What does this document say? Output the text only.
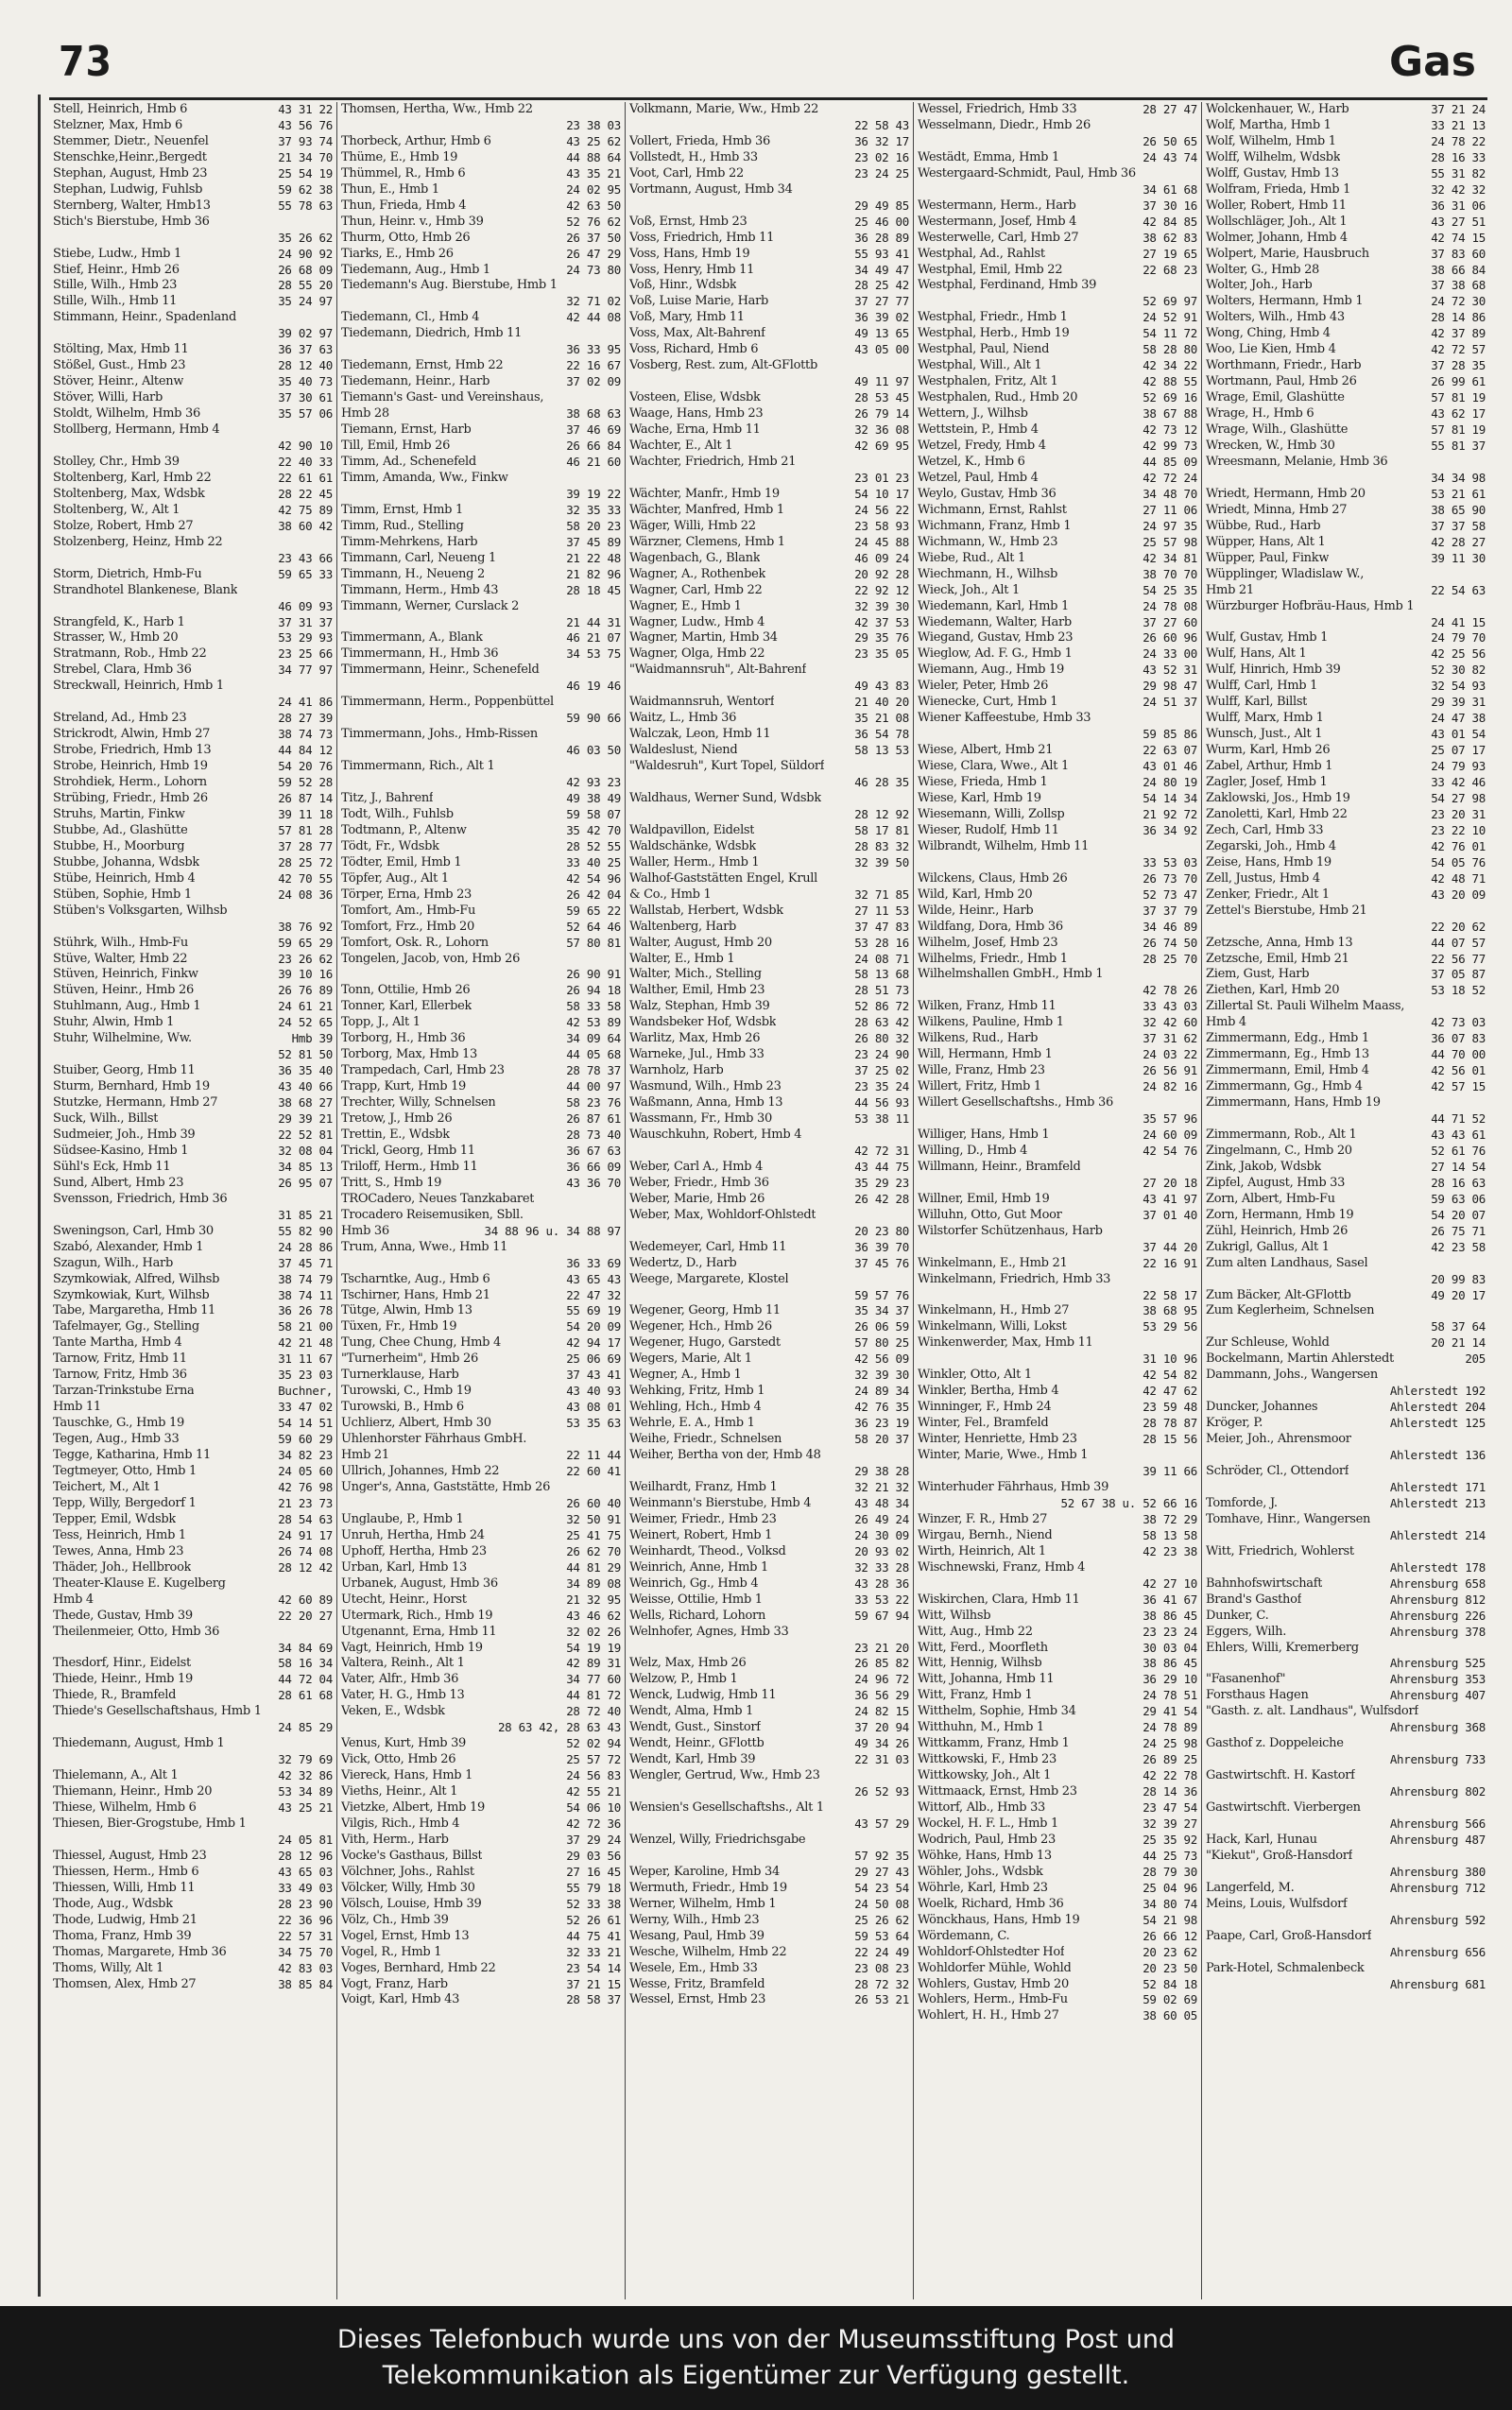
73	Gas
Stell, Heinrich, Hmb 6	43 31 22
Stelzner, Max, Hmb 6	43 56 76
Stemmer, Dietr., Neuenfel	37 93 74
Stenschke,Heinr.,Bergedt	21 34 70
Stephan, August, Hmb 23	25 54 19
Stephan, Ludwig, Fuhlsb	59 62 38
Sternberg, Walter, Hmb13	55 78 63
Stich's Bierstube, Hmb 36
35 26 62
Stiebe, Ludw., Hmb 1	24 90 92
Stief, Heinr., Hmb 26	26 68 09
Stille, Wilh., Hmb 23	28 55 20
Stille, Wilh., Hmb 11	35 24 97
Stimmann, Heinr., Spadenland
39 02 97
Stölting, Max, Hmb 11	36 37 63
Stößel, Gust., Hmb 23	28 12 40
Stöver, Heinr., Altenw	35 40 73
Stöver, Willi, Harb	37 30 61
Stoldt, Wilhelm, Hmb 36	35 57 06
Stollberg, Hermann, Hmb 4
42 90 10
Stolley, Chr., Hmb 39	22 40 33
Stoltenberg, Karl, Hmb 22	22 61 61
Stoltenberg, Max, Wdsbk	28 22 45
Stoltenberg, W., Alt 1	42 75 89
Stolze, Robert, Hmb 27	38 60 42
Stolzenberg, Heinz, Hmb 22
23 43 66
Storm, Dietrich, Hmb-Fu	59 65 33
Strandhotel Blankenese, Blank
46 09 93
Strangfeld, K., Harb 1	37 31 37
Strasser, W., Hmb 20	53 29 93
Stratmann, Rob., Hmb 22	23 25 66
Strebel, Clara, Hmb 36	34 77 97
Streckwall, Heinrich, Hmb 1
24 41 86
Streland, Ad., Hmb 23	28 27 39
Strickrodt, Alwin, Hmb 27	38 74 73
Strobe, Friedrich, Hmb 13	44 84 12
Strobe, Heinrich, Hmb 19	54 20 76
Strohdiek, Herm., Lohorn	59 52 28
Strübing, Friedr., Hmb 26	26 87 14
Struhs, Martin, Finkw	39 11 18
Stubbe, Ad., Glashütte	57 81 28
Stubbe, H., Moorburg	37 28 77
Stubbe, Johanna, Wdsbk	28 25 72
Stübe, Heinrich, Hmb 4	42 70 55
Stüben, Sophie, Hmb 1	24 08 36
Stüben's Volksgarten, Wilhsb
38 76 92
Stührk, Wilh., Hmb-Fu	59 65 29
Stüve, Walter, Hmb 22	23 26 62
Stüven, Heinrich, Finkw	39 10 16
Stüven, Heinr., Hmb 26	26 76 89
Stuhlmann, Aug., Hmb 1	24 61 21
Stuhr, Alwin, Hmb 1	24 52 65
Stuhr, Wilhelmine, Ww.	Hmb 39
52 81 50
Stuiber, Georg, Hmb 11	36 35 40
Sturm, Bernhard, Hmb 19	43 40 66
Stutzke, Hermann, Hmb 27	38 68 27
Suck, Wilh., Billst	29 39 21
Sudmeier, Joh., Hmb 39	22 52 81
Südsee-Kasino, Hmb 1	32 08 04
Sühl's Eck, Hmb 11	34 85 13
Sund, Albert, Hmb 23	26 95 07
Svensson, Friedrich, Hmb 36
31 85 21
Sweningson, Carl, Hmb 30	55 82 90
Szabó, Alexander, Hmb 1	24 28 86
Szagun, Wilh., Harb	37 45 71
Szymkowiak, Alfred, Wilhsb	38 74 79
Szymkowiak, Kurt, Wilhsb	38 74 11
Tabe, Margaretha, Hmb 11	36 26 78
Tafelmayer, Gg., Stelling	58 21 00
Tante Martha, Hmb 4	42 21 48
Tarnow, Fritz, Hmb 11	31 11 67
Tarnow, Fritz, Hmb 36	35 23 03
Tarzan-Trinkstube Erna	Buchner,
Hmb 11	33 47 02
Tauschke, G., Hmb 19	54 14 51
Tegen, Aug., Hmb 33	59 60 29
Tegge, Katharina, Hmb 11	34 82 23
Tegtmeyer, Otto, Hmb 1	24 05 60
Teichert, M., Alt 1	42 76 98
Tepp, Willy, Bergedorf 1	21 23 73
Tepper, Emil, Wdsbk	28 54 63
Tess, Heinrich, Hmb 1	24 91 17
Tewes, Anna, Hmb 23	26 74 08
Thäder, Joh., Hellbrook	28 12 42
Theater-Klause E. Kugelberg
Hmb 4	42 60 89
Thede, Gustav, Hmb 39	22 20 27
Theilenmeier, Otto, Hmb 36
34 84 69
Thesdorf, Hinr., Eidelst	58 16 34
Thiede, Heinr., Hmb 19	44 72 04
Thiede, R., Bramfeld	28 61 68
Thiede's Gesellschaftshaus, Hmb 1
24 85 29
Thiedemann, August, Hmb 1
32 79 69
Thielemann, A., Alt 1	42 32 86
Thiemann, Heinr., Hmb 20	53 34 89
Thiese, Wilhelm, Hmb 6	43 25 21
Thiesen, Bier-Grogstube, Hmb 1
24 05 81
Thiessel, August, Hmb 23	28 12 96
Thiessen, Herm., Hmb 6	43 65 03
Thiessen, Willi, Hmb 11	33 49 03
Thode, Aug., Wdsbk	28 23 90
Thode, Ludwig, Hmb 21	22 36 96
Thoma, Franz, Hmb 39	22 57 31
Thomas, Margarete, Hmb 36	34 75 70
Thoms, Willy, Alt 1	42 83 03
Thomsen, Alex, Hmb 27	38 85 84
Thomsen, Hertha, Ww., Hmb 22
23 38 03
Thorbeck, Arthur, Hmb 6	43 25 62
Thüme, E., Hmb 19	44 88 64
Thümmel, R., Hmb 6	43 35 21
Thun, E., Hmb 1	24 02 95
Thun, Frieda, Hmb 4	42 63 50
Thun, Heinr. v., Hmb 39	52 76 62
Thurm, Otto, Hmb 26	26 37 50
Tiarks, E., Hmb 26	26 47 29
Tiedemann, Aug., Hmb 1	24 73 80
Tiedemann's Aug. Bierstube, Hmb 1
32 71 02
Tiedemann, Cl., Hmb 4	42 44 08
Tiedemann, Diedrich, Hmb 11
36 33 95
Tiedemann, Ernst, Hmb 22	22 16 67
Tiedemann, Heinr., Harb	37 02 09
Tiemann's Gast- und Vereinshaus,
Hmb 28	38 68 63
Tiemann, Ernst, Harb	37 46 69
Till, Emil, Hmb 26	26 66 84
Timm, Ad., Schenefeld	46 21 60
Timm, Amanda, Ww., Finkw
39 19 22
Timm, Ernst, Hmb 1	32 35 33
Timm, Rud., Stelling	58 20 23
Timm-Mehrkens, Harb	37 45 89
Timmann, Carl, Neueng 1	21 22 48
Timmann, H., Neueng 2	21 82 96
Timmann, Herm., Hmb 43	28 18 45
Timmann, Werner, Curslack 2
21 44 31
Timmermann, A., Blank	46 21 07
Timmermann, H., Hmb 36	34 53 75
Timmermann, Heinr., Schenefeld
46 19 46
Timmermann, Herm., Poppenbüttel
59 90 66
Timmermann, Johs., Hmb-Rissen
46 03 50
Timmermann, Rich., Alt 1
42 93 23
Titz, J., Bahrenf	49 38 49
Todt, Wilh., Fuhlsb	59 58 07
Todtmann, P., Altenw	35 42 70
Tödt, Fr., Wdsbk	28 52 55
Tödter, Emil, Hmb 1	33 40 25
Töpfer, Aug., Alt 1	42 54 96
Törper, Erna, Hmb 23	26 42 04
Tomfort, Am., Hmb-Fu	59 65 22
Tomfort, Frz., Hmb 20	52 64 46
Tomfort, Osk. R., Lohorn	57 80 81
Tongelen, Jacob, von, Hmb 26
26 90 91
Tonn, Ottilie, Hmb 26	26 94 18
Tonner, Karl, Ellerbek	58 33 58
Topp, J., Alt 1	42 53 89
Torborg, H., Hmb 36	34 09 64
Torborg, Max, Hmb 13	44 05 68
Trampedach, Carl, Hmb 23	28 78 37
Trapp, Kurt, Hmb 19	44 00 97
Trechter, Willy, Schnelsen	58 23 76
Tretow, J., Hmb 26	26 87 61
Trettin, E., Wdsbk	28 73 40
Trickl, Georg, Hmb 11	36 67 63
Triloff, Herm., Hmb 11	36 66 09
Tritt, S., Hmb 19	43 36 70
TROCadero, Neues Tanzkabaret
Trocadero Reisemusiken, Sbll.
Hmb 36	34 88 96 u. 34 88 97
Trum, Anna, Wwe., Hmb 11
36 33 69
Tscharntke, Aug., Hmb 6	43 65 43
Tschirner, Hans, Hmb 21	22 47 32
Tütge, Alwin, Hmb 13	55 69 19
Tüxen, Fr., Hmb 19	54 20 09
Tung, Chee Chung, Hmb 4	42 94 17
"Turnerheim", Hmb 26	25 06 69
Turnerklause, Harb	37 43 41
Turowski, C., Hmb 19	43 40 93
Turowski, B., Hmb 6	43 08 01
Uchlierz, Albert, Hmb 30	53 35 63
Uhlenhorster Fährhaus GmbH.
Hmb 21	22 11 44
Ullrich, Johannes, Hmb 22	22 60 41
Unger's, Anna, Gaststätte, Hmb 26
26 60 40
Unglaube, P., Hmb 1	32 50 91
Unruh, Hertha, Hmb 24	25 41 75
Uphoff, Hertha, Hmb 23	26 62 70
Urban, Karl, Hmb 13	44 81 29
Urbanek, August, Hmb 36	34 89 08
Utecht, Heinr., Horst	21 32 95
Utermark, Rich., Hmb 19	43 46 62
Utgenannt, Erna, Hmb 11	32 02 26
Vagt, Heinrich, Hmb 19	54 19 19
Valtera, Reinh., Alt 1	42 89 31
Vater, Alfr., Hmb 36	34 77 60
Vater, H. G., Hmb 13	44 81 72
Veken, E., Wdsbk	28 72 40
28 63 42, 28 63 43
Venus, Kurt, Hmb 39	52 02 94
Vick, Otto, Hmb 26	25 57 72
Viereck, Hans, Hmb 1	24 56 83
Vieths, Heinr., Alt 1	42 55 21
Vietzke, Albert, Hmb 19	54 06 10
Vilgis, Rich., Hmb 4	42 72 36
Vith, Herm., Harb	37 29 24
Vocke's Gasthaus, Billst	29 03 56
Völchner, Johs., Rahlst	27 16 45
Völcker, Willy, Hmb 30	55 79 18
Völsch, Louise, Hmb 39	52 33 38
Völz, Ch., Hmb 39	52 26 61
Vogel, Ernst, Hmb 13	44 75 41
Vogel, R., Hmb 1	32 33 21
Voges, Bernhard, Hmb 22	23 54 14
Vogt, Franz, Harb	37 21 15
Voigt, Karl, Hmb 43	28 58 37
Volkmann, Marie, Ww., Hmb 22
22 58 43
Vollert, Frieda, Hmb 36	36 32 17
Vollstedt, H., Hmb 33	23 02 16
Voot, Carl, Hmb 22	23 24 25
Vortmann, August, Hmb 34
29 49 85
Voß, Ernst, Hmb 23	25 46 00
Voss, Friedrich, Hmb 11	36 28 89
Voss, Hans, Hmb 19	55 93 41
Voss, Henry, Hmb 11	34 49 47
Voß, Hinr., Wdsbk	28 25 42
Voß, Luise Marie, Harb	37 27 77
Voß, Mary, Hmb 11	36 39 02
Voss, Max, Alt-Bahrenf	49 13 65
Voss, Richard, Hmb 6	43 05 00
Vosberg, Rest. zum, Alt-GFlottb
49 11 97
Vosteen, Elise, Wdsbk	28 53 45
Waage, Hans, Hmb 23	26 79 14
Wache, Erna, Hmb 11	32 36 08
Wachter, E., Alt 1	42 69 95
Wachter, Friedrich, Hmb 21
23 01 23
Wächter, Manfr., Hmb 19	54 10 17
Wächter, Manfred, Hmb 1	24 56 22
Wäger, Willi, Hmb 22	23 58 93
Wärzner, Clemens, Hmb 1	24 45 88
Wagenbach, G., Blank	46 09 24
Wagner, A., Rothenbek	20 92 28
Wagner, Carl, Hmb 22	22 92 12
Wagner, E., Hmb 1	32 39 30
Wagner, Ludw., Hmb 4	42 37 53
Wagner, Martin, Hmb 34	29 35 76
Wagner, Olga, Hmb 22	23 35 05
"Waidmannsruh", Alt-Bahrenf
49 43 83
Waidmannsruh, Wentorf	21 40 20
Waitz, L., Hmb 36	35 21 08
Walczak, Leon, Hmb 11	36 54 78
Waldeslust, Niend	58 13 53
"Waldesruh", Kurt Topel, Süldorf
46 28 35
Waldhaus, Werner Sund, Wdsbk
28 12 92
Waldpavillon, Eidelst	58 17 81
Waldschänke, Wdsbk	28 83 32
Waller, Herm., Hmb 1	32 39 50
Walhof-Gaststätten Engel, Krull
& Co., Hmb 1	32 71 85
Wallstab, Herbert, Wdsbk	27 11 53
Waltenberg, Harb	37 47 83
Walter, August, Hmb 20	53 28 16
Walter, E., Hmb 1	24 08 71
Walter, Mich., Stelling	58 13 68
Walther, Emil, Hmb 23	28 51 73
Walz, Stephan, Hmb 39	52 86 72
Wandsbeker Hof, Wdsbk	28 63 42
Warlitz, Max, Hmb 26	26 80 32
Warneke, Jul., Hmb 33	23 24 90
Warnholz, Harb	37 25 02
Wasmund, Wilh., Hmb 23	23 35 24
Waßmann, Anna, Hmb 13	44 56 93
Wassmann, Fr., Hmb 30	53 38 11
Wauschkuhn, Robert, Hmb 4
42 72 31
Weber, Carl A., Hmb 4	43 44 75
Weber, Friedr., Hmb 36	35 29 23
Weber, Marie, Hmb 26	26 42 28
Weber, Max, Wohldorf-Ohlstedt
20 23 80
Wedemeyer, Carl, Hmb 11	36 39 70
Wedertz, D., Harb	37 45 76
Weege, Margarete, Klostel
59 57 76
Wegener, Georg, Hmb 11	35 34 37
Wegener, Hch., Hmb 26	26 06 59
Wegener, Hugo, Garstedt	57 80 25
Wegers, Marie, Alt 1	42 56 09
Wegner, A., Hmb 1	32 39 30
Wehking, Fritz, Hmb 1	24 89 34
Wehling, Hch., Hmb 4	42 76 35
Wehrle, E. A., Hmb 1	36 23 19
Weihe, Friedr., Schnelsen	58 20 37
Weiher, Bertha von der, Hmb 48
29 38 28
Weilhardt, Franz, Hmb 1	32 21 32
Weinmann's Bierstube, Hmb 4	43 48 34
Weimer, Friedr., Hmb 23	26 49 24
Weinert, Robert, Hmb 1	24 30 09
Weinhardt, Theod., Volksd	20 93 02
Weinrich, Anne, Hmb 1	32 33 28
Weinrich, Gg., Hmb 4	43 28 36
Weisse, Ottilie, Hmb 1	33 53 22
Wells, Richard, Lohorn	59 67 94
Welnhofer, Agnes, Hmb 33
23 21 20
Welz, Max, Hmb 26	26 85 82
Welzow, P., Hmb 1	24 96 72
Wenck, Ludwig, Hmb 11	36 56 29
Wendt, Alma, Hmb 1	24 82 15
Wendt, Gust., Sinstorf	37 20 94
Wendt, Heinr., GFlottb	49 34 26
Wendt, Karl, Hmb 39	22 31 03
Wengler, Gertrud, Ww., Hmb 23
26 52 93
Wensien's Gesellschaftshs., Alt 1
43 57 29
Wenzel, Willy, Friedrichsgabe
57 92 35
Weper, Karoline, Hmb 34	29 27 43
Wermuth, Friedr., Hmb 19	54 23 54
Werner, Wilhelm, Hmb 1	24 50 08
Werny, Wilh., Hmb 23	25 26 62
Wesang, Paul, Hmb 39	59 53 64
Wesche, Wilhelm, Hmb 22	22 24 49
Wesele, Em., Hmb 33	23 08 23
Wesse, Fritz, Bramfeld	28 72 32
Wessel, Ernst, Hmb 23	26 53 21
Wessel, Friedrich, Hmb 33	28 27 47
Wesselmann, Diedr., Hmb 26
26 50 65
Westädt, Emma, Hmb 1	24 43 74
Westergaard-Schmidt, Paul, Hmb 36
34 61 68
Westermann, Herm., Harb	37 30 16
Westermann, Josef, Hmb 4	42 84 85
Westerwelle, Carl, Hmb 27	38 62 83
Westphal, Ad., Rahlst	27 19 65
Westphal, Emil, Hmb 22	22 68 23
Westphal, Ferdinand, Hmb 39
52 69 97
Westphal, Friedr., Hmb 1	24 52 91
Westphal, Herb., Hmb 19	54 11 72
Westphal, Paul, Niend	58 28 80
Westphal, Will., Alt 1	42 34 22
Westphalen, Fritz, Alt 1	42 88 55
Westphalen, Rud., Hmb 20	52 69 16
Wettern, J., Wilhsb	38 67 88
Wettstein, P., Hmb 4	42 73 12
Wetzel, Fredy, Hmb 4	42 99 73
Wetzel, K., Hmb 6	44 85 09
Wetzel, Paul, Hmb 4	42 72 24
Weylo, Gustav, Hmb 36	34 48 70
Wichmann, Ernst, Rahlst	27 11 06
Wichmann, Franz, Hmb 1	24 97 35
Wichmann, W., Hmb 23	25 57 98
Wiebe, Rud., Alt 1	42 34 81
Wiechmann, H., Wilhsb	38 70 70
Wieck, Joh., Alt 1	54 25 35
Wiedemann, Karl, Hmb 1	24 78 08
Wiedemann, Walter, Harb	37 27 60
Wiegand, Gustav, Hmb 23	26 60 96
Wieglow, Ad. F. G., Hmb 1	24 33 00
Wiemann, Aug., Hmb 19	43 52 31
Wieler, Peter, Hmb 26	29 98 47
Wienecke, Curt, Hmb 1	24 51 37
Wiener Kaffeestube, Hmb 33
59 85 86
Wiese, Albert, Hmb 21	22 63 07
Wiese, Clara, Wwe., Alt 1	43 01 46
Wiese, Frieda, Hmb 1	24 80 19
Wiese, Karl, Hmb 19	54 14 34
Wiesemann, Willi, Zollsp	21 92 72
Wieser, Rudolf, Hmb 11	36 34 92
Wilbrandt, Wilhelm, Hmb 11
33 53 03
Wilckens, Claus, Hmb 26	26 73 70
Wild, Karl, Hmb 20	52 73 47
Wilde, Heinr., Harb	37 37 79
Wildfang, Dora, Hmb 36	34 46 89
Wilhelm, Josef, Hmb 23	26 74 50
Wilhelms, Friedr., Hmb 1	28 25 70
Wilhelmshallen GmbH., Hmb 1
42 78 26
Wilken, Franz, Hmb 11	33 43 03
Wilkens, Pauline, Hmb 1	32 42 60
Wilkens, Rud., Harb	37 31 62
Will, Hermann, Hmb 1	24 03 22
Wille, Franz, Hmb 23	26 56 91
Willert, Fritz, Hmb 1	24 82 16
Willert Gesellschaftshs., Hmb 36
35 57 96
Williger, Hans, Hmb 1	24 60 09
Willing, D., Hmb 4	42 54 76
Willmann, Heinr., Bramfeld
27 20 18
Willner, Emil, Hmb 19	43 41 97
Willuhn, Otto, Gut Moor	37 01 40
Wilstorfer Schützenhaus, Harb
37 44 20
Winkelmann, E., Hmb 21	22 16 91
Winkelmann, Friedrich, Hmb 33
22 58 17
Winkelmann, H., Hmb 27	38 68 95
Winkelmann, Willi, Lokst	53 29 56
Winkenwerder, Max, Hmb 11
31 10 96
Winkler, Otto, Alt 1	42 54 82
Winkler, Bertha, Hmb 4	42 47 62
Winninger, F., Hmb 24	23 59 48
Winter, Fel., Bramfeld	28 78 87
Winter, Henriette, Hmb 23	28 15 56
Winter, Marie, Wwe., Hmb 1
39 11 66
Winterhuder Fährhaus, Hmb 39
52 67 38 u. 52 66 16
Winzer, F. R., Hmb 27	38 72 29
Wirgau, Bernh., Niend	58 13 58
Wirth, Heinrich, Alt 1	42 23 38
Wischnewski, Franz, Hmb 4
42 27 10
Wiskirchen, Clara, Hmb 11	36 41 67
Witt, Wilhsb	38 86 45
Witt, Aug., Hmb 22	23 23 24
Witt, Ferd., Moorfleth	30 03 04
Witt, Hennig, Wilhsb	38 86 45
Witt, Johanna, Hmb 11	36 29 10
Witt, Franz, Hmb 1	24 78 51
Witthelm, Sophie, Hmb 34	29 41 54
Witthuhn, M., Hmb 1	24 78 89
Wittkamm, Franz, Hmb 1	24 25 98
Wittkowski, F., Hmb 23	26 89 25
Wittkowsky, Joh., Alt 1	42 22 78
Wittmaack, Ernst, Hmb 23	28 14 36
Wittorf, Alb., Hmb 33	23 47 54
Wockel, H. F. L., Hmb 1	32 39 27
Wodrich, Paul, Hmb 23	25 35 92
Wöhke, Hans, Hmb 13	44 25 73
Wöhler, Johs., Wdsbk	28 79 30
Wöhrle, Karl, Hmb 23	25 04 96
Woelk, Richard, Hmb 36	34 80 74
Wönckhaus, Hans, Hmb 19	54 21 98
Wördemann, C.	26 66 12
Wohldorf-Ohlstedter Hof	20 23 62
Wohldorfer Mühle, Wohld	20 23 50
Wohlers, Gustav, Hmb 20	52 84 18
Wohlers, Herm., Hmb-Fu	59 02 69
Wohlert, H. H., Hmb 27	38 60 05
Wolckenhauer, W., Harb	37 21 24
Wolf, Martha, Hmb 1	33 21 13
Wolf, Wilhelm, Hmb 1	24 78 22
Wolff, Wilhelm, Wdsbk	28 16 33
Wolff, Gustav, Hmb 13	55 31 82
Wolfram, Frieda, Hmb 1	32 42 32
Woller, Robert, Hmb 11	36 31 06
Wollschläger, Joh., Alt 1	43 27 51
Wolmer, Johann, Hmb 4	42 74 15
Wolpert, Marie, Hausbruch	37 83 60
Wolter, G., Hmb 28	38 66 84
Wolter, Joh., Harb	37 38 68
Wolters, Hermann, Hmb 1	24 72 30
Wolters, Wilh., Hmb 43	28 14 86
Wong, Ching, Hmb 4	42 37 89
Woo, Lie Kien, Hmb 4	42 72 57
Worthmann, Friedr., Harb	37 28 35
Wortmann, Paul, Hmb 26	26 99 61
Wrage, Emil, Glashütte	57 81 19
Wrage, H., Hmb 6	43 62 17
Wrage, Wilh., Glashütte	57 81 19
Wrecken, W., Hmb 30	55 81 37
Wreesmann, Melanie, Hmb 36
34 34 98
Wriedt, Hermann, Hmb 20	53 21 61
Wriedt, Minna, Hmb 27	38 65 90
Wübbe, Rud., Harb	37 37 58
Wüpper, Hans, Alt 1	42 28 27
Wüpper, Paul, Finkw	39 11 30
Wüpplinger, Wladislaw W.,
Hmb 21	22 54 63
Würzburger Hofbräu-Haus, Hmb 1
24 41 15
Wulf, Gustav, Hmb 1	24 79 70
Wulf, Hans, Alt 1	42 25 56
Wulf, Hinrich, Hmb 39	52 30 82
Wulff, Carl, Hmb 1	32 54 93
Wulff, Karl, Billst	29 39 31
Wulff, Marx, Hmb 1	24 47 38
Wunsch, Just., Alt 1	43 01 54
Wurm, Karl, Hmb 26	25 07 17
Zabel, Arthur, Hmb 1	24 79 93
Zagler, Josef, Hmb 1	33 42 46
Zaklowski, Jos., Hmb 19	54 27 98
Zanoletti, Karl, Hmb 22	23 20 31
Zech, Carl, Hmb 33	23 22 10
Zegarski, Joh., Hmb 4	42 76 01
Zeise, Hans, Hmb 19	54 05 76
Zell, Justus, Hmb 4	42 48 71
Zenker, Friedr., Alt 1	43 20 09
Zettel's Bierstube, Hmb 21
22 20 62
Zetzsche, Anna, Hmb 13	44 07 57
Zetzsche, Emil, Hmb 21	22 56 77
Ziem, Gust, Harb	37 05 87
Ziethen, Karl, Hmb 20	53 18 52
Zillertal St. Pauli Wilhelm Maass,
Hmb 4	42 73 03
Zimmermann, Edg., Hmb 1	36 07 83
Zimmermann, Eg., Hmb 13	44 70 00
Zimmermann, Emil, Hmb 4	42 56 01
Zimmermann, Gg., Hmb 4	42 57 15
Zimmermann, Hans, Hmb 19
44 71 52
Zimmermann, Rob., Alt 1	43 43 61
Zingelmann, C., Hmb 20	52 61 76
Zink, Jakob, Wdsbk	27 14 54
Zipfel, August, Hmb 33	28 16 63
Zorn, Albert, Hmb-Fu	59 63 06
Zorn, Hermann, Hmb 19	54 20 07
Zühl, Heinrich, Hmb 26	26 75 71
Zukrigl, Gallus, Alt 1	42 23 58
Zum alten Landhaus, Sasel
20 99 83
Zum Bäcker, Alt-GFlottb	49 20 17
Zum Keglerheim, Schnelsen
58 37 64
Zur Schleuse, Wohld	20 21 14
Bockelmann, Martin Ahlerstedt	205
Dammann, Johs., Wangersen
Ahlerstedt 192
Duncker, Johannes	Ahlerstedt 204
Kröger, P.	Ahlerstedt 125
Meier, Joh., Ahrensmoor
Ahlerstedt 136
Schröder, Cl., Ottendorf
Ahlerstedt 171
Tomforde, J.	Ahlerstedt 213
Tomhave, Hinr., Wangersen
Ahlerstedt 214
Witt, Friedrich, Wohlerst
Ahlerstedt 178
Bahnhofswirtschaft	Ahrensburg 658
Brand's Gasthof	Ahrensburg 812
Dunker, C.	Ahrensburg 226
Eggers, Wilh.	Ahrensburg 378
Ehlers, Willi, Kremerberg
Ahrensburg 525
"Fasanenhof"	Ahrensburg 353
Forsthaus Hagen	Ahrensburg 407
"Gasth. z. alt. Landhaus", Wulfsdorf
Ahrensburg 368
Gasthof z. Doppeleiche
Ahrensburg 733
Gastwirtschft. H. Kastorf
Ahrensburg 802
Gastwirtschft. Vierbergen
Ahrensburg 566
Hack, Karl, Hunau	Ahrensburg 487
"Kiekut", Groß-Hansdorf
Ahrensburg 380
Langerfeld, M.	Ahrensburg 712
Meins, Louis, Wulfsdorf
Ahrensburg 592
Paape, Carl, Groß-Hansdorf
Ahrensburg 656
Park-Hotel, Schmalenbeck
Ahrensburg 681
Dieses Telefonbuch wurde uns von der Museumsstiftung Post und
Telekommunikation als Eigentümer zur Verfügung gestellt.
